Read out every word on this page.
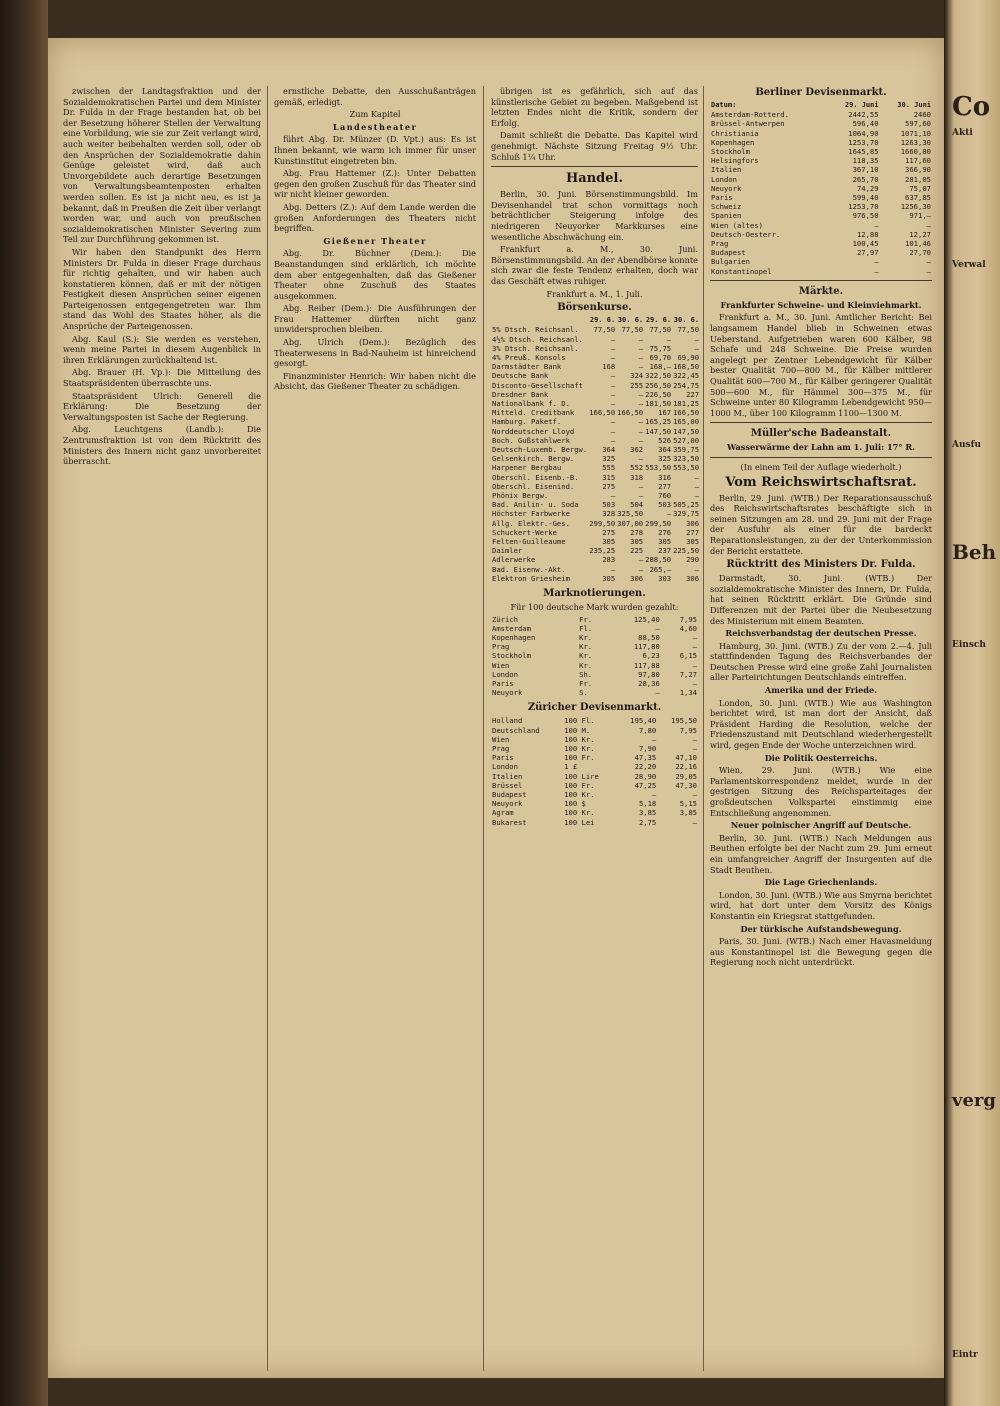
zwischen der Landtagsfraktion und der Sozialdemokratischen Partei und dem Minister Dr. Fulda in der Frage bestanden hat, ob bei der Besetzung höherer Stellen der Verwaltung eine Vorbildung, wie sie zur Zeit verlangt wird, auch weiter beibehalten werden soll, oder ob den Ansprüchen der Sozialdemokratie dahin Genüge geleistet wird, daß auch Unvorgebildete auch derartige Besetzungen von Verwaltungsbeamtenposten erhalten werden sollen. Es ist ja nicht neu, es ist ja bekannt, daß in Preußen die Zeit über verlangt worden war, und auch von preußischen sozialdemokratischen Minister Severing zum Teil zur Durchführung gekommen ist.

Wir haben den Standpunkt des Herrn Ministers Dr. Fulda in dieser Frage durchaus für richtig gehalten, und wir haben auch konstatieren können, daß er mit der nötigen Festigkeit diesen Ansprüchen seiner eigenen Parteigenossen entgegengetreten war. Ihm stand das Wohl des Staates höher, als die Ansprüche der Parteigenossen.

Abg. Kaul (S.): Sie werden es verstehen, wenn meine Partei in diesem Augenblick in ihren Erklärungen zurückhaltend ist.

Abg. Brauer (H. Vp.): Die Mitteilung des Staatspräsidenten überraschte uns.

Staatspräsident Ulrich: Generell die Erklärung: Die Besetzung der Verwaltungsposten ist Sache der Regierung.

Abg. Leuchtgens (Landb.): Die Zentrumsfraktion ist von dem Rücktritt des Ministers des Innern nicht ganz unvorbereitet überrascht.

ernstliche Debatte, den Ausschußanträgen gemäß, erledigt.

Zum Kapitel

Landestheater

führt Abg. Dr. Münzer (D. Vpt.) aus: Es ist Ihnen bekannt, wie warm ich immer für unser Kunstinstitut eingetreten bin.

Abg. Frau Hattemer (Z.): Unter Debatten gegen den großen Zuschuß für das Theater sind wir nicht kleiner geworden.

Abg. Detters (Z.): Auf dem Lande werden die großen Anforderungen des Theaters nicht begriffen.

Gießener Theater

Abg. Dr. Büchner (Dem.): Die Beanstandungen sind erklärlich, ich möchte dem aber entgegenhalten, daß das Gießener Theater ohne Zuschuß des Staates ausgekommen.

Abg. Reiber (Dem.): Die Ausführungen der Frau Hattemer dürften nicht ganz unwidersprochen bleiben.

Abg. Ulrich (Dem.): Bezüglich des Theaterwesens in Bad-Nauheim ist hinreichend gesorgt.

Finanzminister Henrich: Wir haben nicht die Absicht, das Gießener Theater zu schädigen.

übrigen ist es gefährlich, sich auf das künstlerische Gebiet zu begeben. Maßgebend ist letzten Endes nicht die Kritik, sondern der Erfolg.

Damit schließt die Debatte. Das Kapitel wird genehmigt. Nächste Sitzung Freitag 9½ Uhr. Schluß 1¼ Uhr.

Handel.

Berlin, 30. Juni. Börsenstimmungsbild. Im Devisenhandel trat schon vormittags noch beträchtlicher Steigerung infolge des niedrigeren Neuyorker Markkurses eine wesentliche Abschwächung ein.

Frankfurt a. M., 30. Juni. Börsenstimmungsbild. An der Abendbörse konnte sich zwar die feste Tendenz erhalten, doch war das Geschäft etwas ruhiger.

Frankfurt a. M., 1. Juli.

Börsenkurse.

	29. 6.	30. 6.	29. 6.	30. 6.
5% Dtsch. Reichsanl.	77,50	77,50	77,50	77,50
4½% Dtsch. Reichsanl.	—	—	—	—
3% Dtsch. Reichsanl.	—	—	75,75	—
4% Preuß. Konsols	—	—	69,70	69,90
Darmstädter Bank	168	—	168,—	168,50
Deutsche Bank	—	324	322,50	322,45
Disconto-Gesellschaft	—	255	256,50	254,75
Dresdner Bank	—	—	226,50	227
Nationalbank f. D.	—	—	181,50	181,25
Mitteld. Creditbank	166,50	166,50	167	166,50
Hamburg. Paketf.	—	—	165,25	165,00
Norddeutscher Lloyd	—	—	147,50	147,50
Boch. Gußstahlwerk	—	—	526	527,00
Deutsch-Luxemb. Bergw.	364	362	364	359,75
Gelsenkirch. Bergw.	325	—	325	323,50
Harpener Bergbau	555	552	553,50	553,50
Oberschl. Eisenb.-B.	315	318	316	—
Oberschl. Eisenind.	275	—	277	—
Phönix Bergw.	—	—	760	—
Bad. Anilin- u. Soda	503	504	503	505,25
Höchster Farbwerke	328	325,50	—	329,75
Allg. Elektr.-Ges.	299,50	307,00	299,50	306
Schuckert-Werke	275	278	276	277
Felten-Guilleaume	305	305	305	305
Daimler	235,25	225	237	225,50
Adlerwerke	283	—	288,50	290
Bad. Eisenw.-Akt.	—	—	265,—	—
Elektron Griesheim	305	306	303	306

Marknotierungen.

Für 100 deutsche Mark wurden gezahlt:

Zürich	Fr.	125,40	7,95
Amsterdam	Fl.	—	4,60
Kopenhagen	Kr.	88,50	—
Prag	Kr.	117,80	—
Stockholm	Kr.	6,23	6,15
Wien	Kr.	117,88	—
London	Sh.	97,80	7,27
Paris	Fr.	28,36	—
Neuyork	S.	—	1,34

Züricher Devisenmarkt.

Holland	100 Fl.	195,40	195,50
Deutschland	100 M.	7,80	7,95
Wien	100 Kr.	—	—
Prag	100 Kr.	7,90	—
Paris	100 Fr.	47,35	47,10
London	1 £	22,20	22,16
Italien	100 Lire	28,90	29,05
Brüssel	100 Fr.	47,25	47,30
Budapest	100 Kr.	—	—
Neuyork	100 $	5,18	5,15
Agram	100 Kr.	3,85	3,85
Bukarest	100 Lei	2,75	—

Berliner Devisenmarkt.

Datum:	29. Juni	30. Juni
Amsterdam-Rotterd.	2442,55	2460
Brüssel-Antwerpen	596,40	597,60
Christiania	1064,90	1071,10
Kopenhagen	1253,70	1263,30
Stockholm	1645,85	1660,80
Helsingfors	118,35	117,60
Italien	367,10	366,90
London	265,70	281,05
Neuyork	74,29	75,07
Paris	599,40	637,85
Schweiz	1253,70	1256,30
Spanien	976,50	971,—
Wien (altes)	—	—
Deutsch-Oesterr.	12,88	12,27
Prag	100,45	101,46
Budapest	27,97	27,70
Bulgarien	—	—
Konstantinopel	—	—

Märkte.

Frankfurter Schweine- und Kleinviehmarkt.

Frankfurt a. M., 30. Juni. Amtlicher Bericht: Bei langsamem Handel blieb in Schweinen etwas Ueberstand. Aufgetrieben waren 600 Kälber, 98 Schafe und 248 Schweine. Die Preise wurden angelegt per Zentner Lebendgewicht für Kälber bester Qualität 700—800 M., für Kälber mittlerer Qualität 600—700 M., für Kälber geringerer Qualität 500—600 M., für Hämmel 300—375 M., für Schweine unter 80 Kilogramm Lebendgewicht 950—1000 M., über 100 Kilogramm 1100—1300 M.

Müller'sche Badeanstalt.

Wasserwärme der Lahn am 1. Juli: 17° R.

(In einem Teil der Auflage wiederholt.)

Vom Reichswirtschaftsrat.

Berlin, 29. Juni. (WTB.) Der Reparationsausschuß des Reichswirtschaftsrates beschäftigte sich in seinen Sitzungen am 28. und 29. Juni mit der Frage der Ausfuhr als einer für die bardeckt Reparationsleistungen, zu der der Unterkommission der Bericht erstattete.

Rücktritt des Ministers Dr. Fulda.

Darmstadt, 30. Juni. (WTB.) Der sozialdemokratische Minister des Innern, Dr. Fulda, hat seinen Rücktritt erklärt. Die Gründe sind Differenzen mit der Partei über die Neubesetzung des Ministerium mit einem Beamten.

Reichsverbandstag der deutschen Presse.

Hamburg, 30. Juni. (WTB.) Zu der vom 2.—4. Juli stattfindenden Tagung des Reichsverbandes der Deutschen Presse wird eine große Zahl Journalisten aller Parteirichtungen Deutschlands eintreffen.

Amerika und der Friede.

London, 30. Juni. (WTB.) Wie aus Washington berichtet wird, ist man dort der Ansicht, daß Präsident Harding die Resolution, welche der Friedenszustand mit Deutschland wiederhergestellt wird, gegen Ende der Woche unterzeichnen wird.

Die Politik Oesterreichs.

Wien, 29. Juni. (WTB.) Wie eine Parlamentskorrespondenz meldet, wurde in der gestrigen Sitzung des Reichsparteitages der großdeutschen Volkspartei einstimmig eine Entschließung angenommen.

Neuer polnischer Angriff auf Deutsche.

Berlin, 30. Juni. (WTB.) Nach Meldungen aus Beuthen erfolgte bei der Nacht zum 29. Juni erneut ein umfangreicher Angriff der Insurgenten auf die Stadt Beuthen.

Die Lage Griechenlands.

London, 30. Juni. (WTB.) Wie aus Smyrna berichtet wird, hat dort unter dem Vorsitz des Königs Konstantin ein Kriegsrat stattgefunden.

Der türkische Aufstandsbewegung.

Paris, 30. Juni. (WTB.) Nach einer Havasmeldung aus Konstantinopel ist die Bewegung gegen die Regierung noch nicht unterdrückt.

Co
Akti
Verwal
Ausfu
Beh
Einsch
verg
Eintr
